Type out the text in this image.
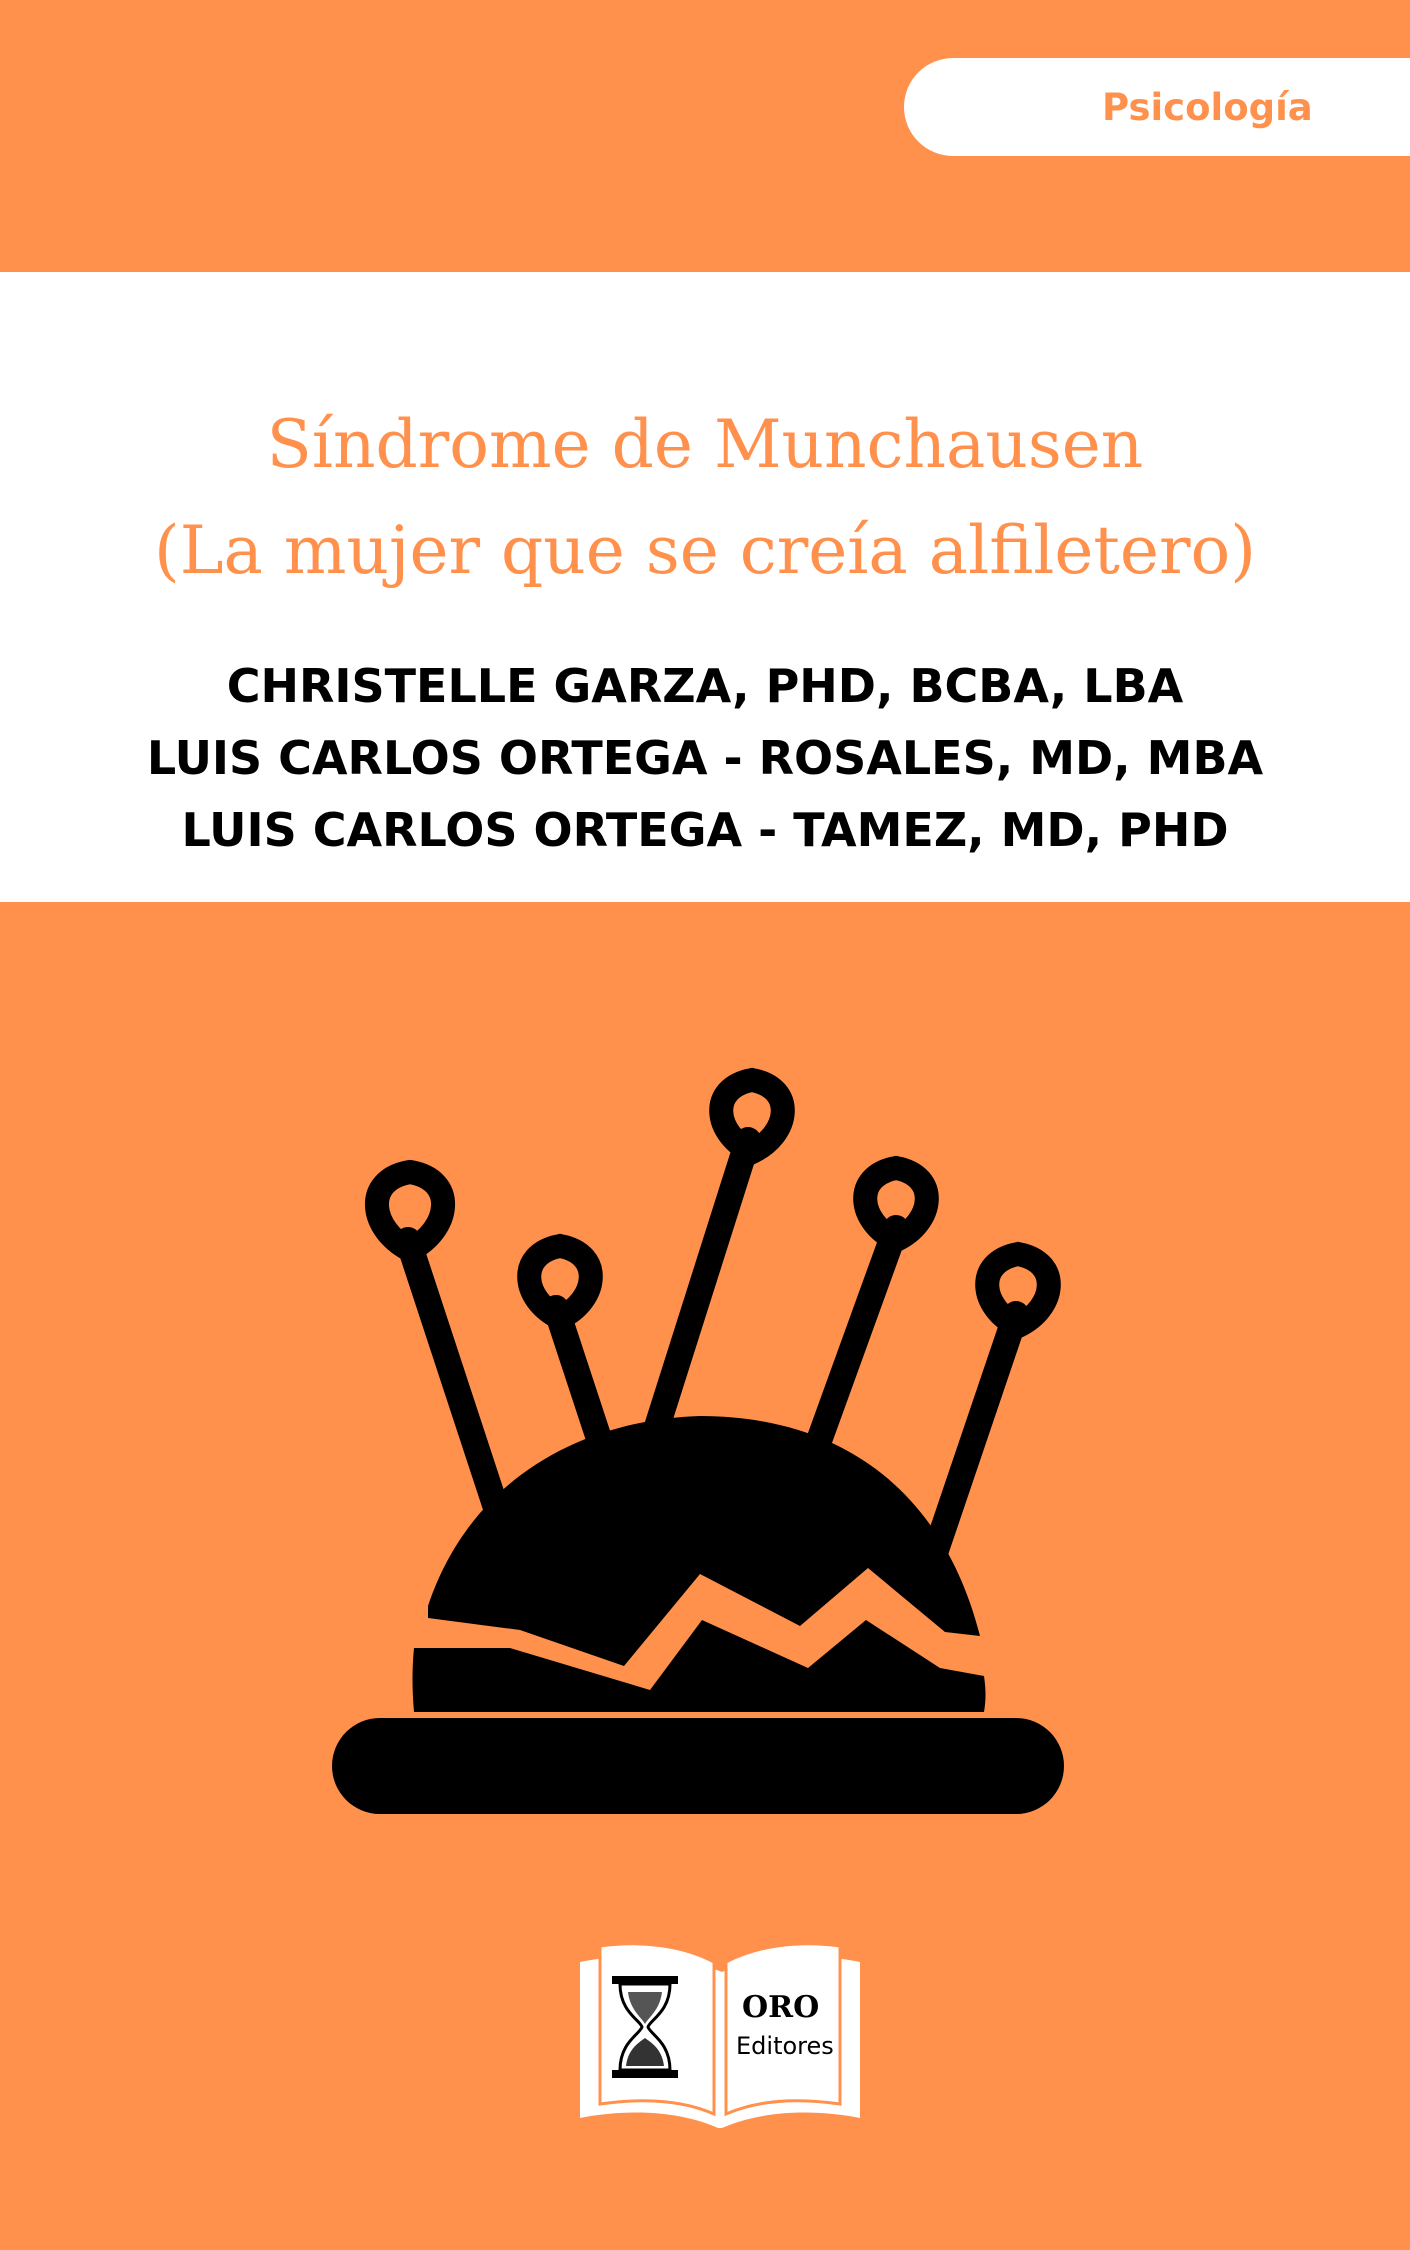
Psicología
Síndrome de Munchausen
(La mujer que se creía alfiletero)
CHRISTELLE GARZA, PHD, BCBA, LBA
LUIS CARLOS ORTEGA - ROSALES, MD, MBA
LUIS CARLOS ORTEGA - TAMEZ, MD, PHD
ORO
Editores
